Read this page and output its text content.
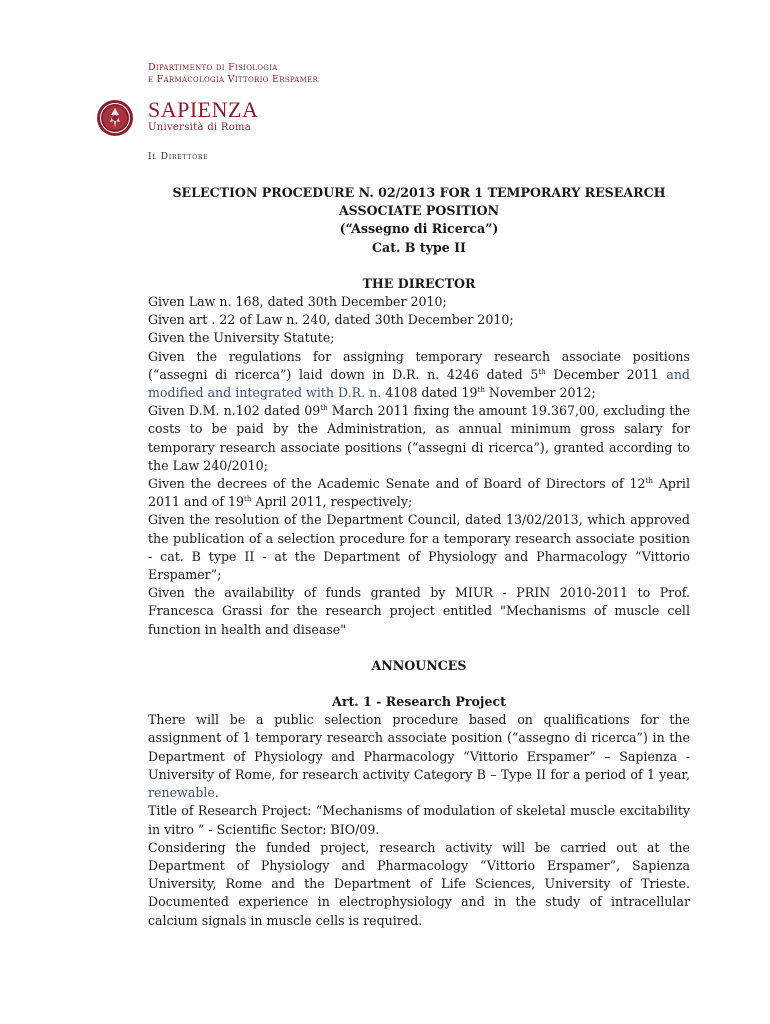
Dipartimento di Fisiologia
e Farmacologia Vittorio Erspamer
SAPIENZA
Università di Roma
Il Direttore
SELECTION PROCEDURE N. 02/2013 FOR 1 TEMPORARY RESEARCH
ASSOCIATE POSITION
(“Assegno di Ricerca”)
Cat. B type II
THE DIRECTOR
Given Law n. 168, dated 30th December 2010;
Given art . 22 of Law n. 240, dated 30th December 2010;
Given the University Statute;
Given the regulations for assigning temporary research associate positions (“assegni di ricerca”) laid down in D.R. n. 4246 dated 5th December 2011 and modified and integrated with D.R. n. 4108 dated 19th November 2012;
Given D.M. n.102 dated 09th March 2011 fixing the amount 19.367,00, excluding the costs to be paid by the Administration, as annual minimum gross salary for temporary research associate positions (“assegni di ricerca”), granted according to the Law 240/2010;
Given the decrees of the Academic Senate and of Board of Directors of 12th April 2011 and of 19th April 2011, respectively;
Given the resolution of the Department Council, dated 13/02/2013, which approved the publication of a selection procedure for a temporary research associate position - cat. B type II - at the Department of Physiology and Pharmacology “Vittorio Erspamer”;
Given the availability of funds granted by MIUR - PRIN 2010-2011 to Prof. Francesca Grassi for the research project entitled "Mechanisms of muscle cell function in health and disease"
ANNOUNCES
Art. 1 - Research Project
There will be a public selection procedure based on qualifications for the assignment of 1 temporary research associate position (“assegno di ricerca”) in the Department of Physiology and Pharmacology “Vittorio Erspamer” – Sapienza - University of Rome, for research activity Category B – Type II for a period of 1 year, renewable.
Title of Research Project: “Mechanisms of modulation of skeletal muscle excitability in vitro ” - Scientific Sector: BIO/09.
Considering the funded project, research activity will be carried out at the Department of Physiology and Pharmacology “Vittorio Erspamer”, Sapienza University, Rome and the Department of Life Sciences, University of Trieste. Documented experience in electrophysiology and in the study of intracellular calcium signals in muscle cells is required.
